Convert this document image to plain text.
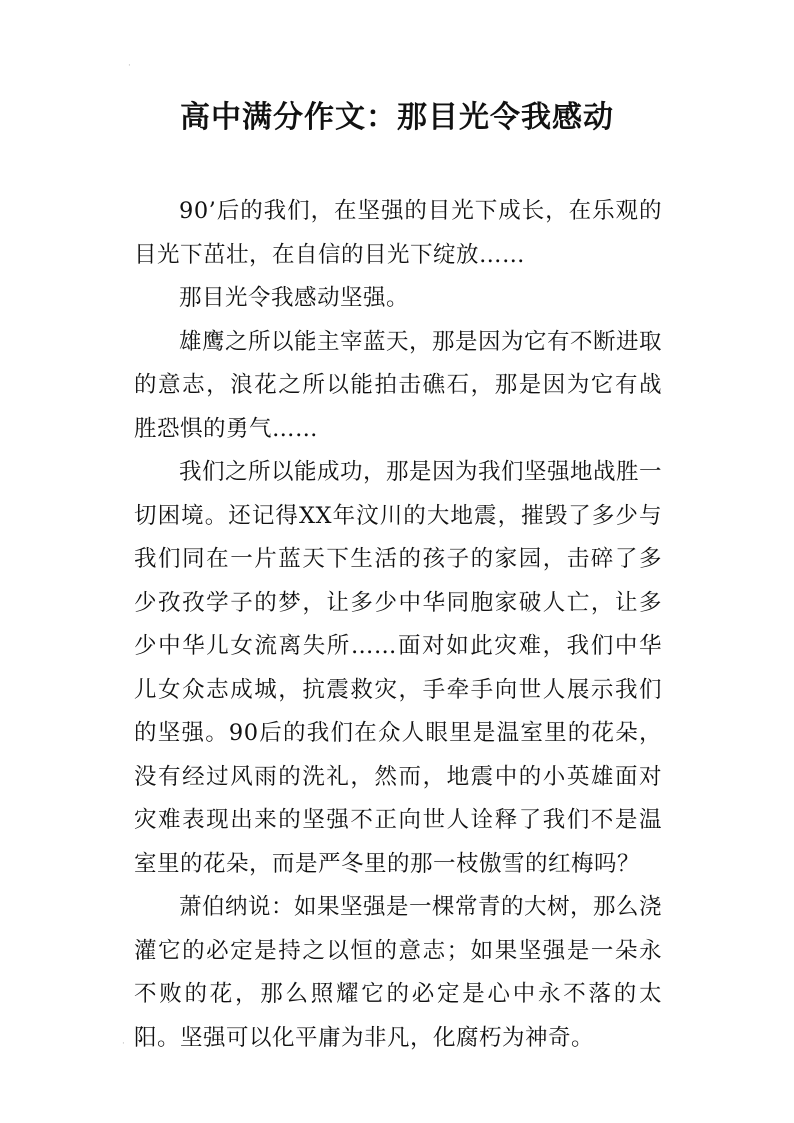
·
·
高中满分作文：那目光令我感动

90’后的我们，在坚强的目光下成长，在乐观的目光下茁壮，在自信的目光下绽放……

那目光令我感动坚强。

雄鹰之所以能主宰蓝天，那是因为它有不断进取的意志，浪花之所以能拍击礁石，那是因为它有战胜恐惧的勇气……

我们之所以能成功，那是因为我们坚强地战胜一切困境。还记得XX年汶川的大地震，摧毁了多少与我们同在一片蓝天下生活的孩子的家园，击碎了多少孜孜学子的梦，让多少中华同胞家破人亡，让多少中华儿女流离失所……面对如此灾难，我们中华儿女众志成城，抗震救灾，手牵手向世人展示我们的坚强。90后的我们在众人眼里是温室里的花朵，没有经过风雨的洗礼，然而，地震中的小英雄面对灾难表现出来的坚强不正向世人诠释了我们不是温室里的花朵，而是严冬里的那一枝傲雪的红梅吗？

萧伯纳说：如果坚强是一棵常青的大树，那么浇灌它的必定是持之以恒的意志；如果坚强是一朵永不败的花，那么照耀它的必定是心中永不落的太阳。坚强可以化平庸为非凡，化腐朽为神奇。
